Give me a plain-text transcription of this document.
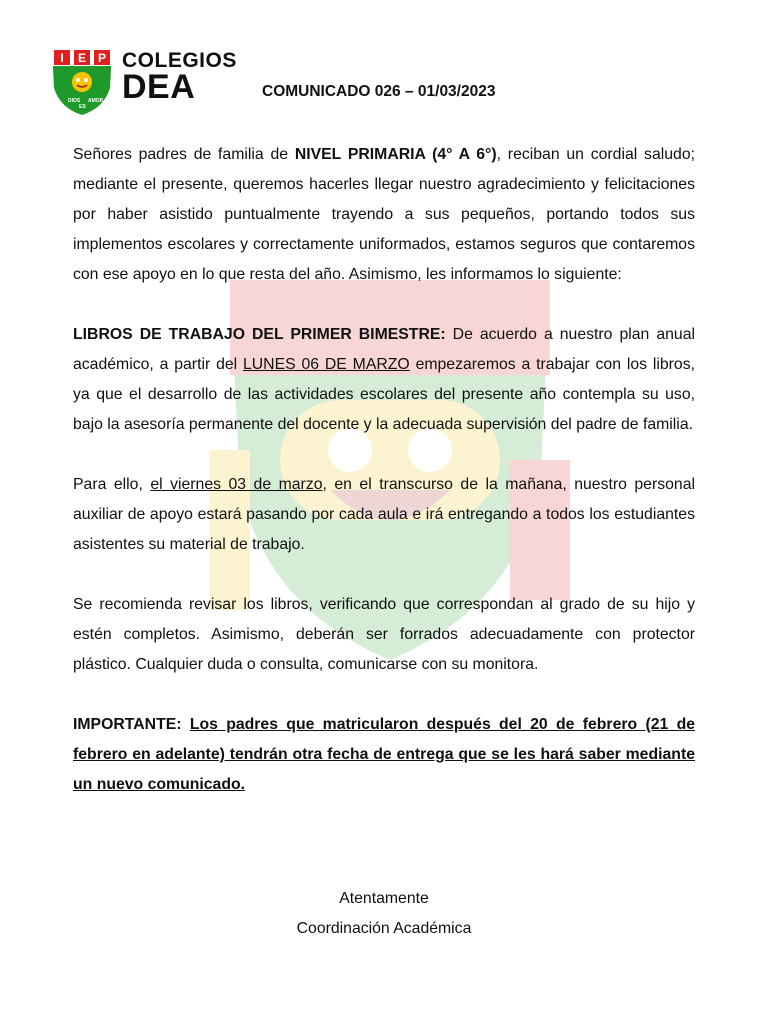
I E P
DIOS
ES
AMOR
COLEGIOS
DEA	COMUNICADO 026 – 01/03/2023

Señores padres de familia de NIVEL PRIMARIA (4° A 6°), reciban un cordial saludo; mediante el presente, queremos hacerles llegar nuestro agradecimiento y felicitaciones por haber asistido puntualmente trayendo a sus pequeños, portando todos sus implementos escolares y correctamente uniformados, estamos seguros que contaremos con ese apoyo en lo que resta del año. Asimismo, les informamos lo siguiente:

LIBROS DE TRABAJO DEL PRIMER BIMESTRE: De acuerdo a nuestro plan anual académico, a partir del LUNES 06 DE MARZO empezaremos a trabajar con los libros, ya que el desarrollo de las actividades escolares del presente año contempla su uso, bajo la asesoría permanente del docente y la adecuada supervisión del padre de familia.

Para ello, el viernes 03 de marzo, en el transcurso de la mañana, nuestro personal auxiliar de apoyo estará pasando por cada aula e irá entregando a todos los estudiantes asistentes su material de trabajo.

Se recomienda revisar los libros, verificando que correspondan al grado de su hijo y estén completos. Asimismo, deberán ser forrados adecuadamente con protector plástico. Cualquier duda o consulta, comunicarse con su monitora.

IMPORTANTE: Los padres que matricularon después del 20 de febrero (21 de febrero en adelante) tendrán otra fecha de entrega que se les hará saber mediante un nuevo comunicado.

Atentamente
Coordinación Académica
